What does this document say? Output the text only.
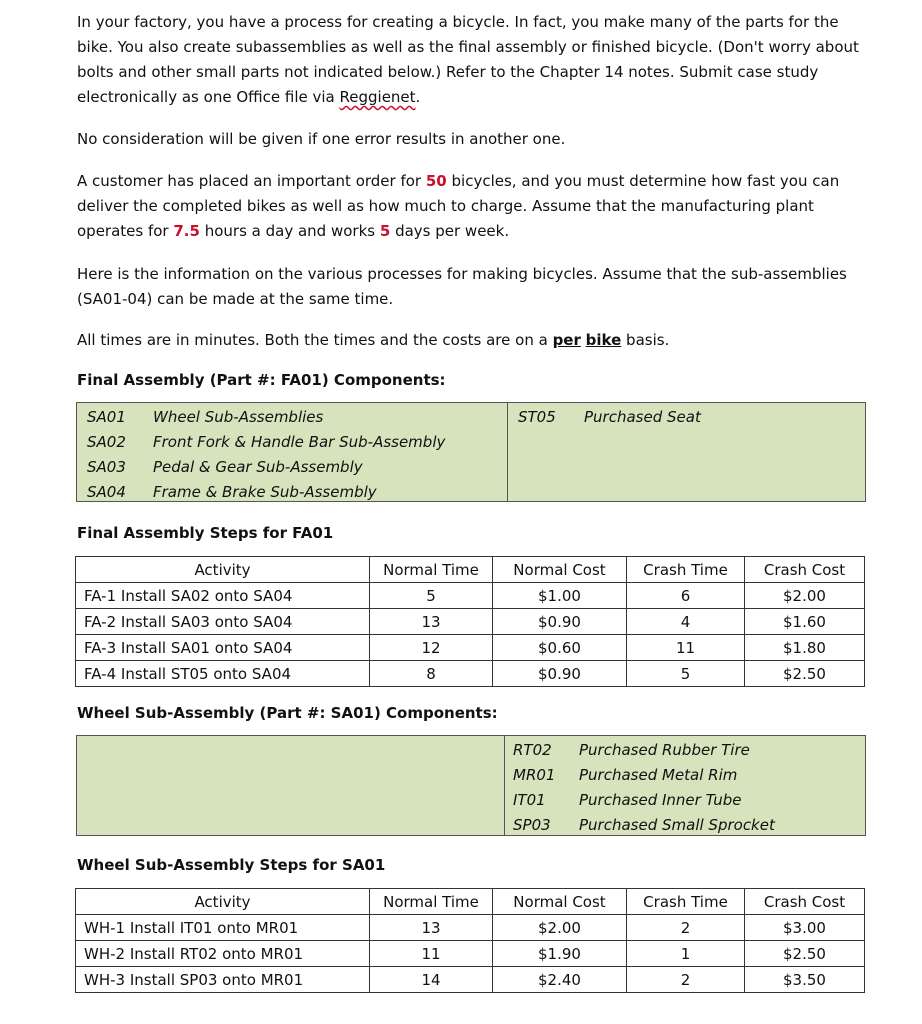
In your factory, you have a process for creating a bicycle. In fact, you make many of the parts for the bike. You also create subassemblies as well as the final assembly or finished bicycle. (Don't worry about bolts and other small parts not indicated below.) Refer to the Chapter 14 notes. Submit case study electronically as one Office file via Reggienet.

No consideration will be given if one error results in another one.

A customer has placed an important order for 50 bicycles, and you must determine how fast you can deliver the completed bikes as well as how much to charge. Assume that the manufacturing plant operates for 7.5 hours a day and works 5 days per week.

Here is the information on the various processes for making bicycles. Assume that the sub-assemblies (SA01-04) can be made at the same time.

All times are in minutes. Both the times and the costs are on a per bike basis.

Final Assembly (Part #: FA01) Components:

SA01 Wheel Sub-Assemblies
SA02 Front Fork & Handle Bar Sub-Assembly
SA03 Pedal & Gear Sub-Assembly
SA04 Frame & Brake Sub-Assembly
ST05 Purchased Seat

Final Assembly Steps for FA01

Activity	Normal Time	Normal Cost	Crash Time	Crash Cost
FA-1 Install SA02 onto SA04	5	$1.00	6	$2.00
FA-2 Install SA03 onto SA04	13	$0.90	4	$1.60
FA-3 Install SA01 onto SA04	12	$0.60	11	$1.80
FA-4 Install ST05 onto SA04	8	$0.90	5	$2.50

Wheel Sub-Assembly (Part #: SA01) Components:

RT02 Purchased Rubber Tire
MR01 Purchased Metal Rim
IT01 Purchased Inner Tube
SP03 Purchased Small Sprocket

Wheel Sub-Assembly Steps for SA01

Activity	Normal Time	Normal Cost	Crash Time	Crash Cost
WH-1 Install IT01 onto MR01	13	$2.00	2	$3.00
WH-2 Install RT02 onto MR01	11	$1.90	1	$2.50
WH-3 Install SP03 onto MR01	14	$2.40	2	$3.50
